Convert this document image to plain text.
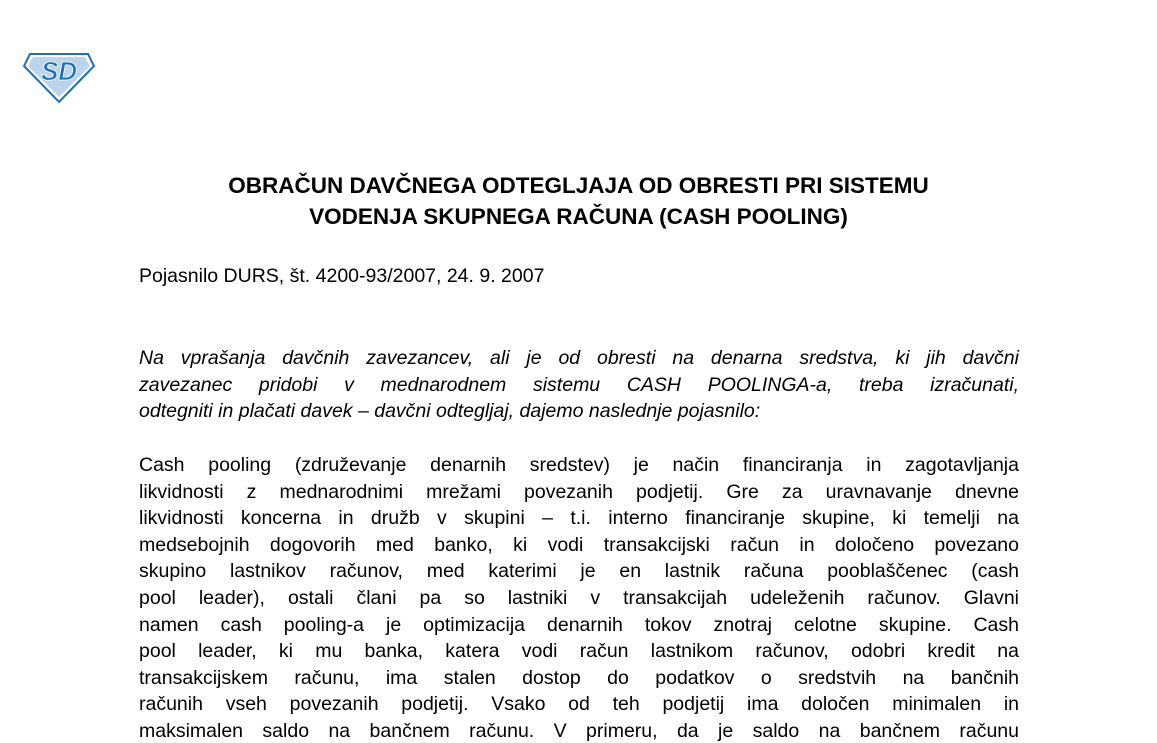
SD
OBRAČUN DAVČNEGA ODTEGLJAJA OD OBRESTI PRI SISTEMU
VODENJA SKUPNEGA RAČUNA (CASH POOLING)

Pojasnilo DURS, št. 4200-93/2007, 24. 9. 2007

Na vprašanja davčnih zavezancev, ali je od obresti na denarna sredstva, ki jih davčni
zavezanec pridobi v mednarodnem sistemu CASH POOLINGA-a, treba izračunati,
odtegniti in plačati davek – davčni odtegljaj, dajemo naslednje pojasnilo:
Cash pooling (združevanje denarnih sredstev) je način financiranja in zagotavljanja
likvidnosti z mednarodnimi mrežami povezanih podjetij. Gre za uravnavanje dnevne
likvidnosti koncerna in družb v skupini – t.i. interno financiranje skupine, ki temelji na
medsebojnih dogovorih med banko, ki vodi transakcijski račun in določeno povezano
skupino lastnikov računov, med katerimi je en lastnik računa pooblaščenec (cash
pool leader), ostali člani pa so lastniki v transakcijah udeleženih računov. Glavni
namen cash pooling-a je optimizacija denarnih tokov znotraj celotne skupine. Cash
pool leader, ki mu banka, katera vodi račun lastnikom računov, odobri kredit na
transakcijskem računu, ima stalen dostop do podatkov o sredstvih na bančnih
računih vseh povezanih podjetij. Vsako od teh podjetij ima določen minimalen in
maksimalen saldo na bančnem računu. V primeru, da je saldo na bančnem računu
